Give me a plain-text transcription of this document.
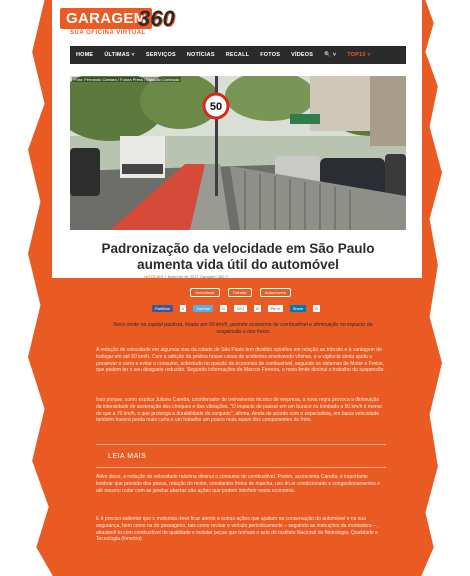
GARAGEM
360
SUA OFICINA VIRTUAL
HOME ÚLTIMAS ˅ SERVIÇOS NOTÍCIAS RECALL FOTOS VÍDEOS 🔍 ˅ TOP10 ˅
50
Foto: Fernando Camara / Futura Press / Estadão Conteúdo
Padronização da velocidade em São Paulo
aumenta vida útil do automóvel
NOTÍCIAS 7 fevereiro de 2017 Garagem 360 0
Velocidade	Trânsito	Automóveis
Partilhar	1	Tweetar	0	G+1	0	Pin It	Share	0
Novo limite na capital paulista, fixado em 50 km/h, permite economia de combustível e diminuição no impacto da suspensão e dos freios
A redução de velocidade em algumas vias da cidade de São Paulo tem dividido opiniões em relação ao trânsito e à vantagem de trafegar em até 50 km/h. Com a adoção da prática houve casos de acidentes envolvendo vítimas, e a vigência ainda ajuda a preservar o carro e evitar o consumo, sobretudo no quesito de economia de combustível, segundo os sistemas de Motor e Freios, que podem ter o seu desgaste reduzido. Segundo informações de Marcos Ferreira, o novo limite diminui o trabalho da suspensão.
Isso porque, como explica Juliano Caretta, coordenador de treinamento técnico de empresa, a nova regra provoca a diminuição da intensidade de aceleração dos choques e das vibrações. "O impacto de passar em um buraco ou lombada a 50 km/h é menor do que a 70 km/h, o que prolonga a durabilidade do conjunto", afirma. Ainda de acordo com o especialista, em baixa velocidade também haverá perda mais curta e um trabalho um pouco mais suave dos componentes do freio.
LEIA MAIS
Além disso, a redução de velocidade máxima diminui o consumo de combustível. Porém, acrescenta Caretta, é importante lembrar que pressão dos pneus, rotação do motor, constantes freios de marcha, uso do ar-condicionado e congestionamentos e até mesmo rodar com as janelas abertas são ações que podem interferir nesta economia.
E é preciso salientar que o motorista deve ficar atento a outras ações que ajudam na conservação do automóvel e na sua segurança, bem como na do passageiro, tais como revisar o veículo periodicamente – seguindo as instruções da montadora – , abastecê-lo com combustível de qualidade e instalar peças que tenham o selo do Instituto Nacional de Metrologia, Qualidade e Tecnologia (Inmetro).
